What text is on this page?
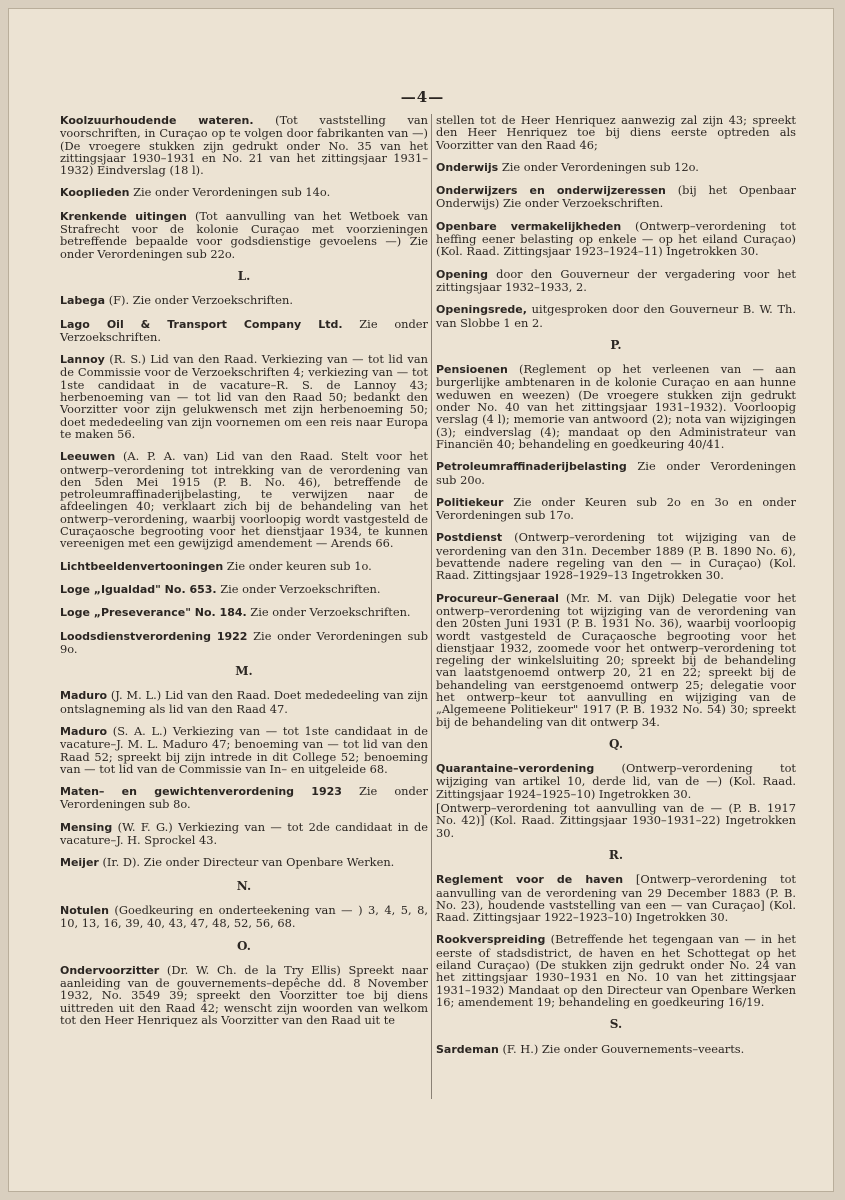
—4—

Koolzuurhoudende wateren. (Tot vaststelling van voorschriften, in Curaçao op te volgen door fabrikanten van —) (De vroegere stukken zijn gedrukt onder No. 35 van het zittingsjaar 1930–1931 en No. 21 van het zittingsjaar 1931–1932) Eindverslag (18 l).

Kooplieden Zie onder Verordeningen sub 14o.

Krenkende uitingen (Tot aanvulling van het Wetboek van Strafrecht voor de kolonie Curaçao met voorzieningen betreffende bepaalde voor godsdienstige gevoelens —) Zie onder Verordeningen sub 22o.

L.

Labega (F). Zie onder Verzoekschriften.

Lago Oil & Transport Company Ltd. Zie onder Verzoekschriften.

Lannoy (R. S.) Lid van den Raad. Verkiezing van — tot lid van de Commissie voor de Verzoekschriften 4; verkiezing van — tot 1ste candidaat in de vacature–R. S. de Lannoy 43; herbenoeming van — tot lid van den Raad 50; bedankt den Voorzitter voor zijn gelukwensch met zijn herbenoeming 50; doet mededeeling van zijn voornemen om een reis naar Europa te maken 56.

Leeuwen (A. P. A. van) Lid van den Raad. Stelt voor het ontwerp–verordening tot intrekking van de verordening van den 5den Mei 1915 (P. B. No. 46), betreffende de petroleumraffinaderijbelasting, te verwijzen naar de afdeelingen 40; verklaart zich bij de behandeling van het ontwerp–verordening, waarbij voorloopig wordt vastgesteld de Curaçaosche begrooting voor het dienstjaar 1934, te kunnen vereenigen met een gewijzigd amendement — Arends 66.

Lichtbeeldenvertooningen Zie onder keuren sub 1o.

Loge „Igualdad" No. 653. Zie onder Verzoekschriften.

Loge „Preseverance" No. 184. Zie onder Verzoekschriften.

Loodsdienstverordening 1922 Zie onder Verordeningen sub 9o.

M.

Maduro (J. M. L.) Lid van den Raad. Doet mededeeling van zijn ontslagneming als lid van den Raad 47.

Maduro (S. A. L.) Verkiezing van — tot 1ste candidaat in de vacature–J. M. L. Maduro 47; benoeming van — tot lid van den Raad 52; spreekt bij zijn intrede in dit College 52; benoeming van — tot lid van de Commissie van In– en uitgeleide 68.

Maten– en gewichtenverordening 1923 Zie onder Verordeningen sub 8o.

Mensing (W. F. G.) Verkiezing van — tot 2de candidaat in de vacature–J. H. Sprockel 43.

Meijer (Ir. D). Zie onder Directeur van Openbare Werken.

N.

Notulen (Goedkeuring en onderteekening van — ) 3, 4, 5, 8, 10, 13, 16, 39, 40, 43, 47, 48, 52, 56, 68.

O.

Ondervoorzitter (Dr. W. Ch. de la Try Ellis) Spreekt naar aanleiding van de gouvernements–depêche dd. 8 November 1932, No. 3549 39; spreekt den Voorzitter toe bij diens uittreden uit den Raad 42; wenscht zijn woorden van welkom tot den Heer Henriquez als Voorzitter van den Raad uit te

stellen tot de Heer Henriquez aanwezig zal zijn 43; spreekt den Heer Henriquez toe bij diens eerste optreden als Voorzitter van den Raad 46;

Onderwijs Zie onder Verordeningen sub 12o.

Onderwijzers en onderwijzeressen (bij het Openbaar Onderwijs) Zie onder Verzoekschriften.

Openbare vermakelijkheden (Ontwerp–verordening tot heffing eener belasting op enkele — op het eiland Curaçao) (Kol. Raad. Zittingsjaar 1923–1924–11) Ingetrokken 30.

Opening door den Gouverneur der vergadering voor het zittingsjaar 1932–1933, 2.

Openingsrede, uitgesproken door den Gouverneur B. W. Th. van Slobbe 1 en 2.

P.

Pensioenen (Reglement op het verleenen van — aan burgerlijke ambtenaren in de kolonie Curaçao en aan hunne weduwen en weezen) (De vroegere stukken zijn gedrukt onder No. 40 van het zittingsjaar 1931–1932). Voorloopig verslag (4 l); memorie van antwoord (2); nota van wijzigingen (3); eindverslag (4); mandaat op den Administrateur van Financiën 40; behandeling en goedkeuring 40/41.

Petroleumraffinaderijbelasting Zie onder Verordeningen sub 20o.

Politiekeur Zie onder Keuren sub 2o en 3o en onder Verordeningen sub 17o.

Postdienst (Ontwerp–verordening tot wijziging van de verordening van den 31n. December 1889 (P. B. 1890 No. 6), bevattende nadere regeling van den — in Curaçao) (Kol. Raad. Zittingsjaar 1928–1929–13 Ingetrokken 30.

Procureur–Generaal (Mr. M. van Dijk) Delegatie voor het ontwerp–verordening tot wijziging van de verordening van den 20sten Juni 1931 (P. B. 1931 No. 36), waarbij voorloopig wordt vastgesteld de Curaçaosche begrooting voor het dienstjaar 1932, zoomede voor het ontwerp–verordening tot regeling der winkelsluiting 20; spreekt bij de behandeling van laatstgenoemd ontwerp 20, 21 en 22; spreekt bij de behandeling van eerstgenoemd ontwerp 25; delegatie voor het ontwerp–keur tot aanvulling en wijziging van de „Algemeene Politiekeur" 1917 (P. B. 1932 No. 54) 30; spreekt bij de behandeling van dit ontwerp 34.

Q.

Quarantaine–verordening (Ontwerp–verordening tot wijziging van artikel 10, derde lid, van de —) (Kol. Raad. Zittingsjaar 1924–1925–10) Ingetrokken 30.
[Ontwerp–verordening tot aanvulling van de — (P. B. 1917 No. 42)] (Kol. Raad. Zittingsjaar 1930–1931–22) Ingetrokken 30.

R.

Reglement voor de haven [Ontwerp–verordening tot aanvulling van de verordening van 29 December 1883 (P. B. No. 23), houdende vaststelling van een — van Curaçao] (Kol. Raad. Zittingsjaar 1922–1923–10) Ingetrokken 30.

Rookverspreiding (Betreffende het tegengaan van — in het eerste of stadsdistrict, de haven en het Schottegat op het eiland Curaçao) (De stukken zijn gedrukt onder No. 24 van het zittingsjaar 1930–1931 en No. 10 van het zittingsjaar 1931–1932) Mandaat op den Directeur van Openbare Werken 16; amendement 19; behandeling en goedkeuring 16/19.

S.

Sardeman (F. H.) Zie onder Gouvernements–veearts.
